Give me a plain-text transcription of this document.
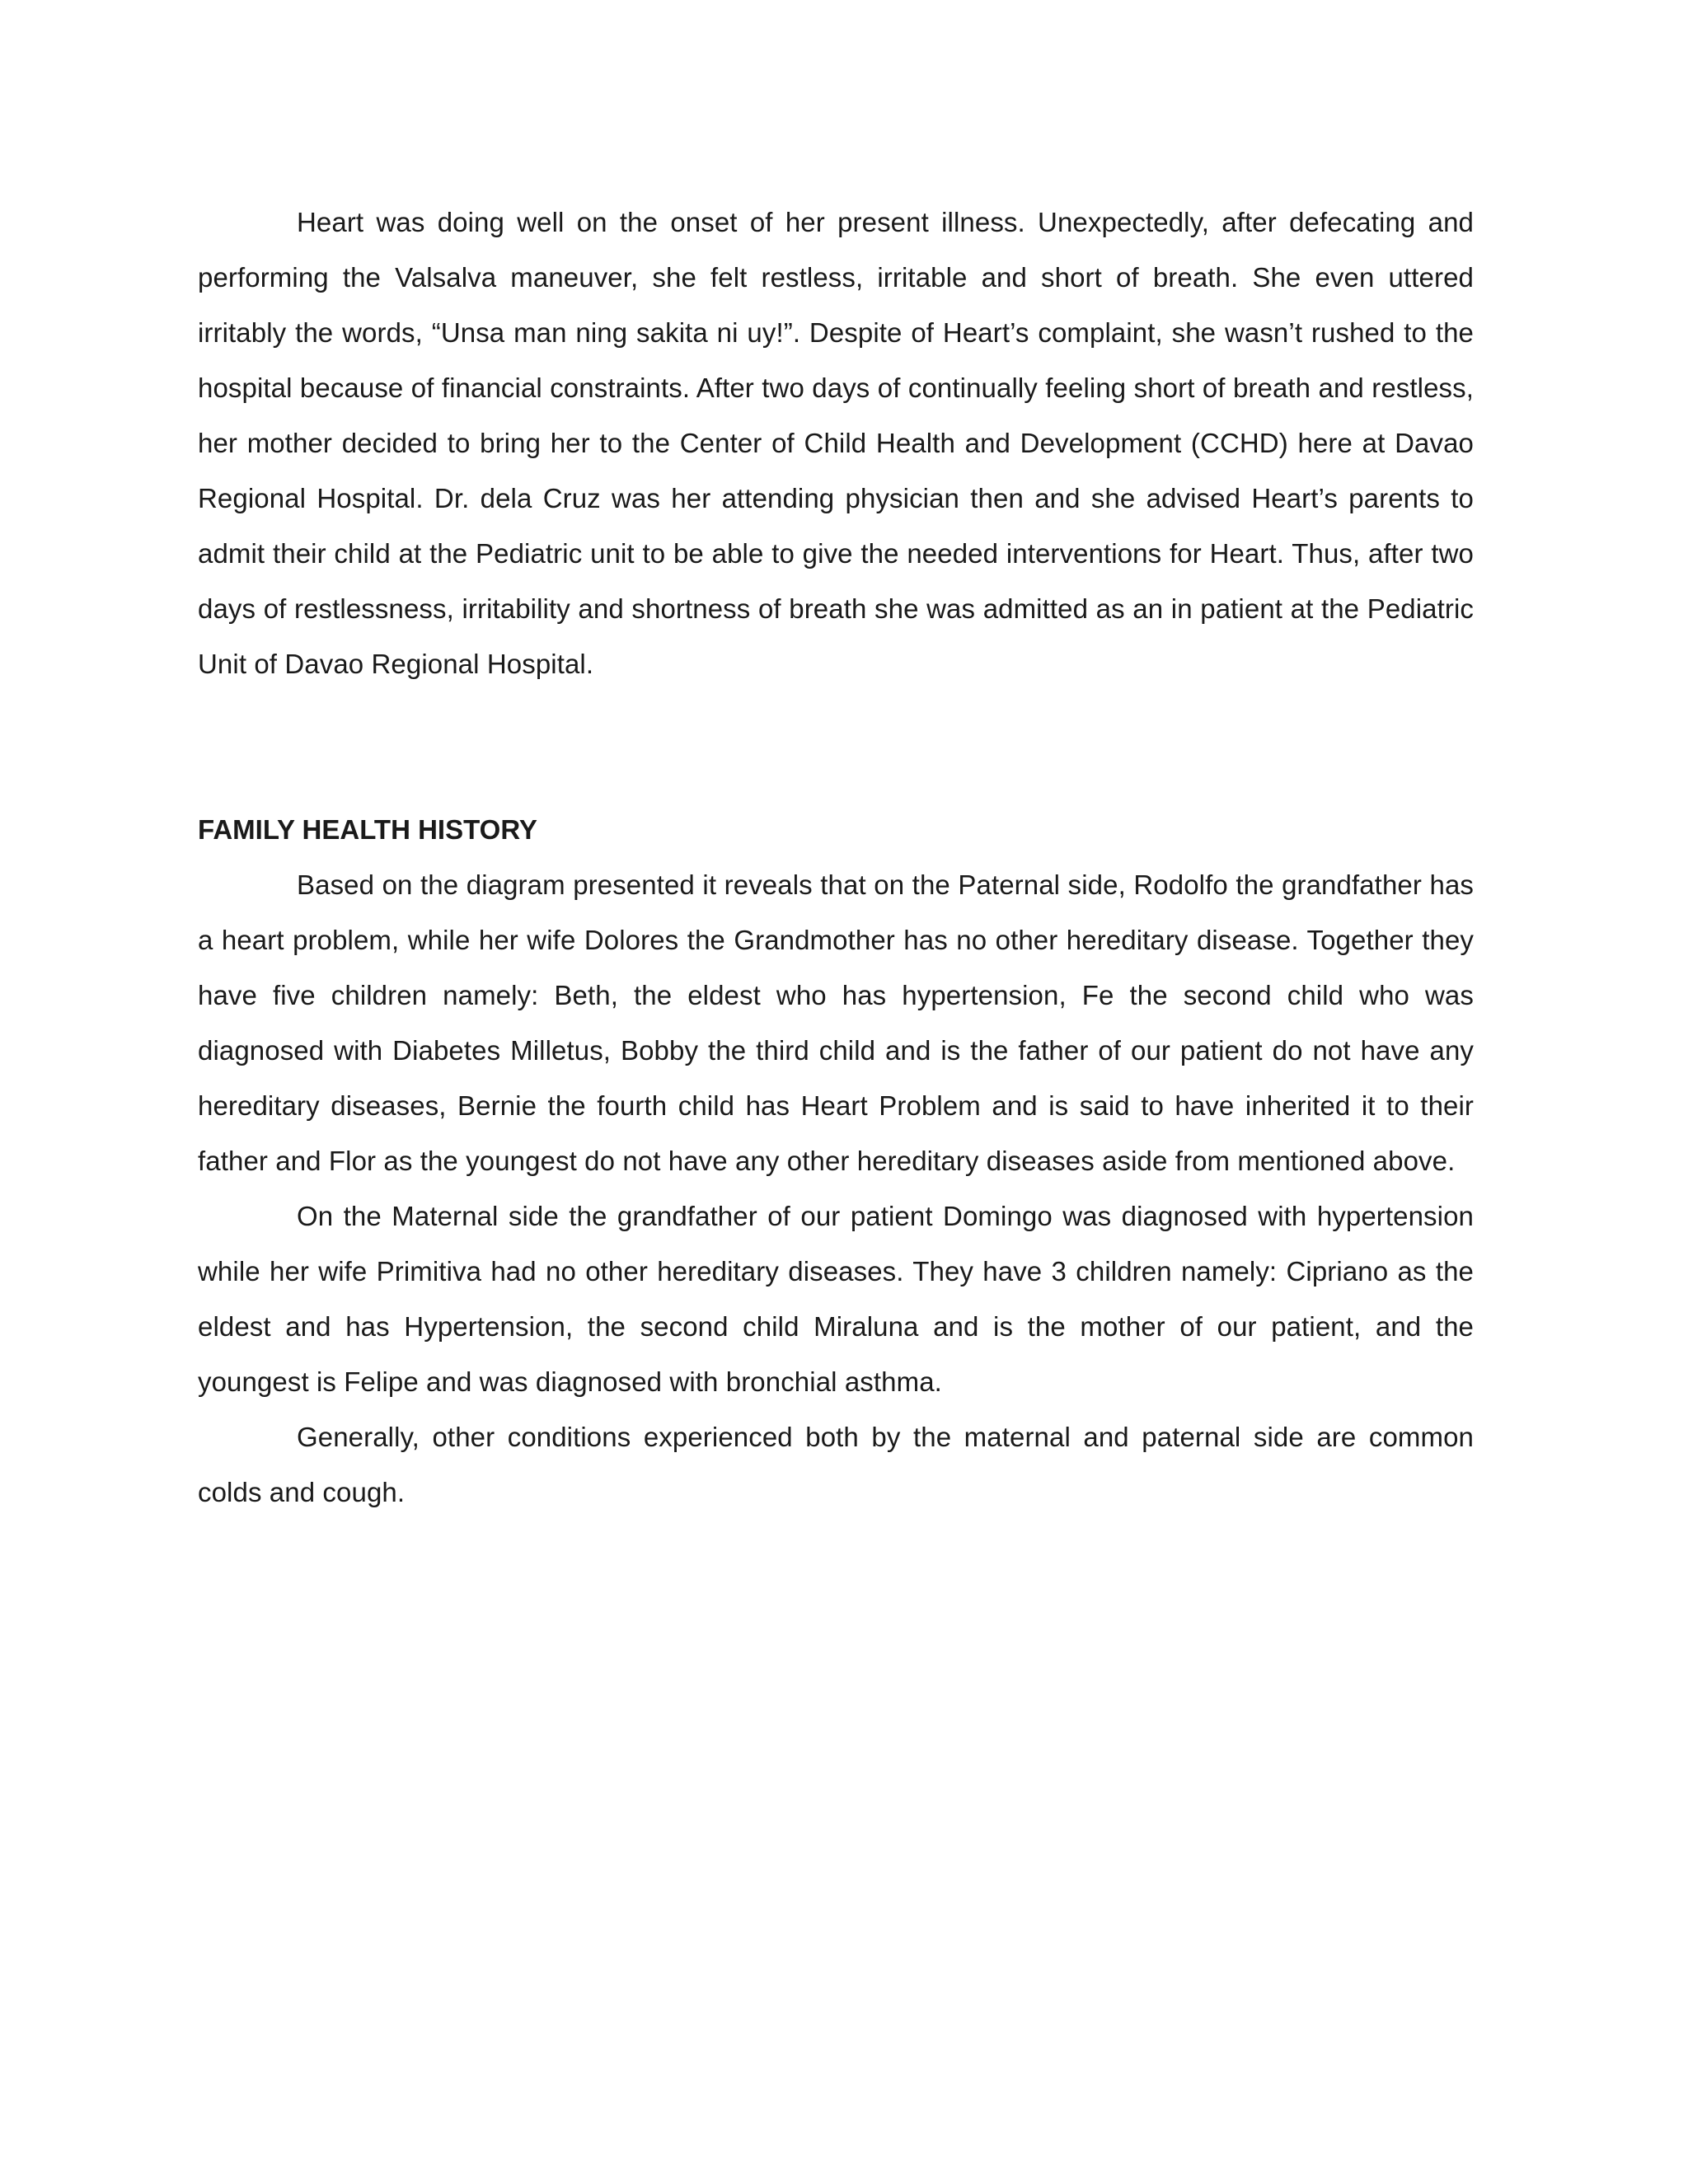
Heart was doing well on the onset of her present illness. Unexpectedly, after defecating and performing the Valsalva maneuver, she felt restless, irritable and short of breath. She even uttered irritably the words, “Unsa man ning sakita ni uy!”. Despite of Heart’s complaint, she wasn’t rushed to the hospital because of financial constraints. After two days of continually feeling short of breath and restless, her mother decided to bring her to the Center of Child Health and Development (CCHD) here at Davao Regional Hospital. Dr. dela Cruz was her attending physician then and she advised Heart’s parents to admit their child at the Pediatric unit to be able to give the needed interventions for Heart. Thus, after two days of restlessness, irritability and shortness of breath she was admitted as an in patient at the Pediatric Unit of Davao Regional Hospital.

FAMILY HEALTH HISTORY

Based on the diagram presented it reveals that on the Paternal side, Rodolfo the grandfather has a heart problem, while her wife Dolores the Grandmother has no other hereditary disease. Together they have five children namely: Beth, the eldest who has hypertension, Fe the second child who was diagnosed with Diabetes Milletus, Bobby the third child and is the father of our patient do not have any hereditary diseases, Bernie the fourth child has Heart Problem and is said to have inherited it to their father and Flor as the youngest do not have any other hereditary diseases aside from mentioned above.

On the Maternal side the grandfather of our patient Domingo was diagnosed with hypertension while her wife Primitiva had no other hereditary diseases. They have 3 children namely: Cipriano as the eldest and has Hypertension, the second child Miraluna and is the mother of our patient, and the youngest is Felipe and was diagnosed with bronchial asthma.

Generally, other conditions experienced both by the maternal and paternal side are common colds and cough.
